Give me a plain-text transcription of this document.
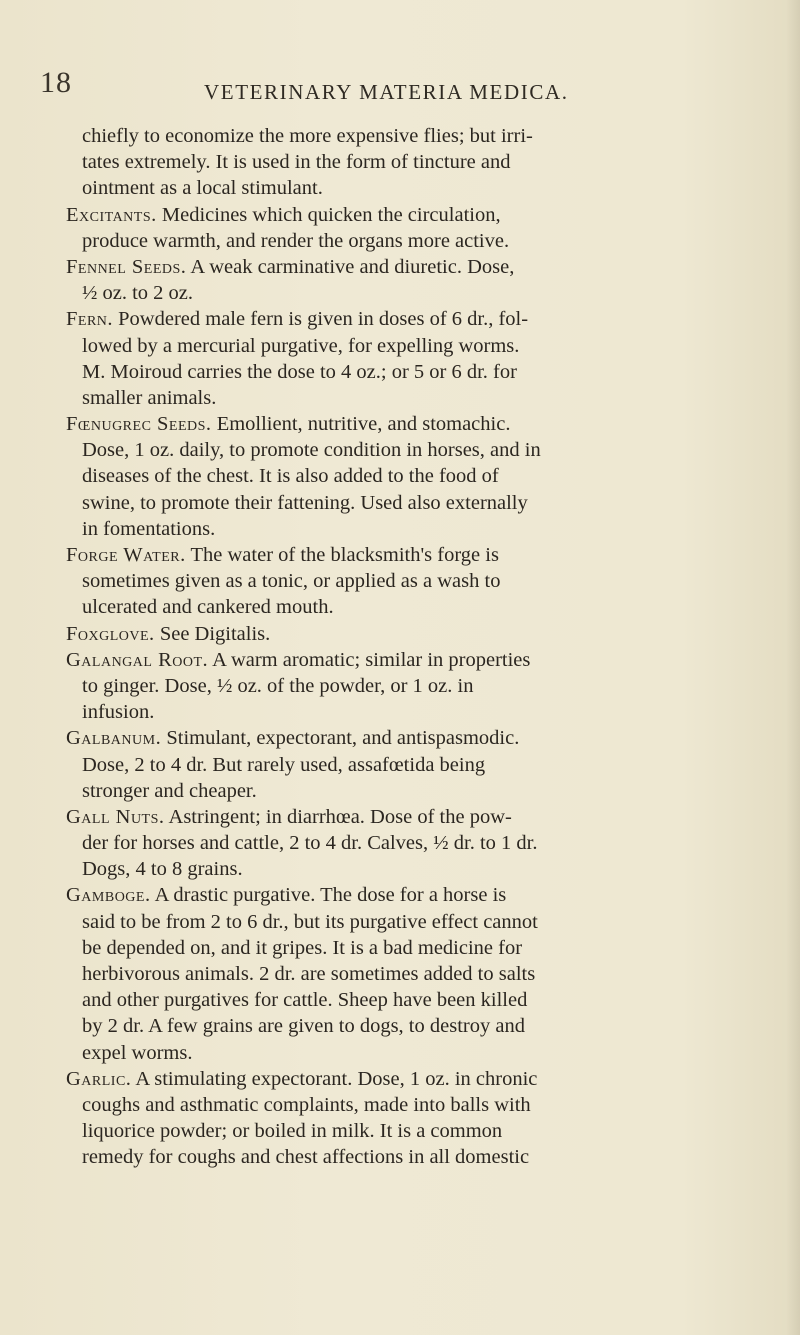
18	VETERINARY MATERIA MEDICA.
chiefly to economize the more expensive flies; but irri-
tates extremely. It is used in the form of tincture and
ointment as a local stimulant.
Excitants. Medicines which quicken the circulation,
produce warmth, and render the organs more active.
Fennel Seeds. A weak carminative and diuretic. Dose,
½ oz. to 2 oz.
Fern. Powdered male fern is given in doses of 6 dr., fol-
lowed by a mercurial purgative, for expelling worms.
M. Moiroud carries the dose to 4 oz.; or 5 or 6 dr. for
smaller animals.
Fœnugrec Seeds. Emollient, nutritive, and stomachic.
Dose, 1 oz. daily, to promote condition in horses, and in
diseases of the chest. It is also added to the food of
swine, to promote their fattening. Used also externally
in fomentations.
Forge Water. The water of the blacksmith's forge is
sometimes given as a tonic, or applied as a wash to
ulcerated and cankered mouth.
Foxglove. See Digitalis.
Galangal Root. A warm aromatic; similar in properties
to ginger. Dose, ½ oz. of the powder, or 1 oz. in
infusion.
Galbanum. Stimulant, expectorant, and antispasmodic.
Dose, 2 to 4 dr. But rarely used, assafœtida being
stronger and cheaper.
Gall Nuts. Astringent; in diarrhœa. Dose of the pow-
der for horses and cattle, 2 to 4 dr. Calves, ½ dr. to 1 dr.
Dogs, 4 to 8 grains.
Gamboge. A drastic purgative. The dose for a horse is
said to be from 2 to 6 dr., but its purgative effect cannot
be depended on, and it gripes. It is a bad medicine for
herbivorous animals. 2 dr. are sometimes added to salts
and other purgatives for cattle. Sheep have been killed
by 2 dr. A few grains are given to dogs, to destroy and
expel worms.
Garlic. A stimulating expectorant. Dose, 1 oz. in chronic
coughs and asthmatic complaints, made into balls with
liquorice powder; or boiled in milk. It is a common
remedy for coughs and chest affections in all domestic
